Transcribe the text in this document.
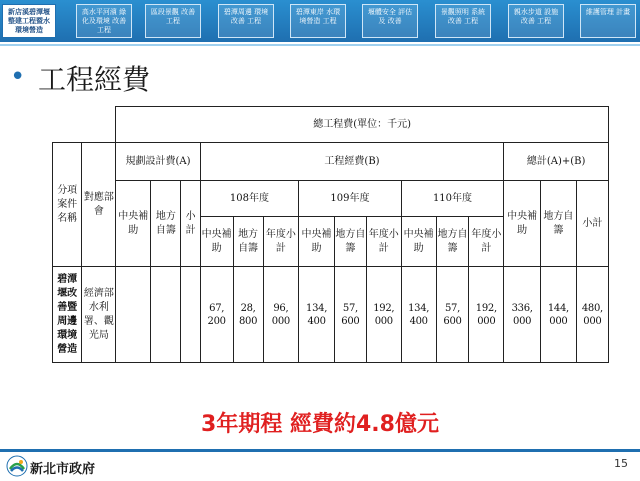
新店溪碧潭堰 整建工程暨水 環境營造
高水平河濱 綠化及環境 改善工程
區段景觀 改善工程
碧潭周邊 環境改善 工程
碧潭東岸 水環境營造 工程
堰體安全 評估及 改善
景觀照明 系統改善 工程
親水步道 設施改善 工程
維護管理 計畫
• 工程經費
		總工程費(單位：千元)														
分項案件名稱	對應部會	規劃設計費(A)			工程經費(B)									總計(A)+(B)		
		中央補助	地方自籌	小計	108年度			109年度			110年度			中央補助	地方自籌	小計
					中央補助	地方自籌	年度小計	中央補助	地方自籌	年度小計	中央補助	地方自籌	年度小計			

碧潭堰改善暨周邊環境營造	經濟部水利署、觀光局				67, 200	28, 800	96, 000	134, 400	57, 600	192, 000	134, 400	57, 600	192, 000	336, 000	144, 000	480, 000
3年期程 經費約4.8億元
新北市政府	15
